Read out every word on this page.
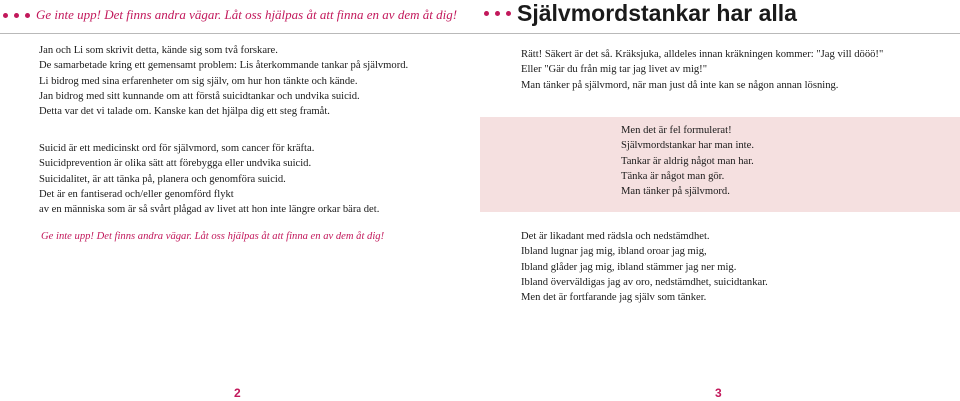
Ge inte upp! Det finns andra vägar. Låt oss hjälpas åt att finna en av dem åt dig!
Jan och Li som skrivit detta, kände sig som två forskare.
De samarbetade kring ett gemensamt problem: Lis återkommande tankar på självmord.
Li bidrog med sina erfarenheter om sig själv, om hur hon tänkte och kände.
Jan bidrog med sitt kunnande om att förstå suicidtankar och undvika suicid.
Detta var det vi talade om. Kanske kan det hjälpa dig ett steg framåt.
Suicid är ett medicinskt ord för självmord, som cancer för kräfta.
Suicidprevention är olika sätt att förebygga eller undvika suicid.
Suicidalitet, är att tänka på, planera och genomföra suicid.
Det är en fantiserad och/eller genomförd flykt
av en människa som är så svårt plågad av livet att hon inte längre orkar bära det.
Ge inte upp! Det finns andra vägar. Låt oss hjälpas åt att finna en av dem åt dig!
2
Självmordstankar har alla
Rätt! Säkert är det så. Kräksjuka, alldeles innan kräkningen kommer: "Jag vill dööö!"
Eller "Gär du från mig tar jag livet av mig!"
Man tänker på självmord, när man just då inte kan se någon annan lösning.
Men det är fel formulerat!
Självmordstankar har man inte.
Tankar är aldrig något man har.
Tänka är något man gör.
Man tänker på självmord.
Det är likadant med rädsla och nedstämdhet.
Ibland lugnar jag mig, ibland oroar jag mig,
Ibland glåder jag mig, ibland stämmer jag ner mig.
Ibland överväldigas jag av oro, nedstämdhet, suicidtankar.
Men det är fortfarande jag själv som tänker.
3
